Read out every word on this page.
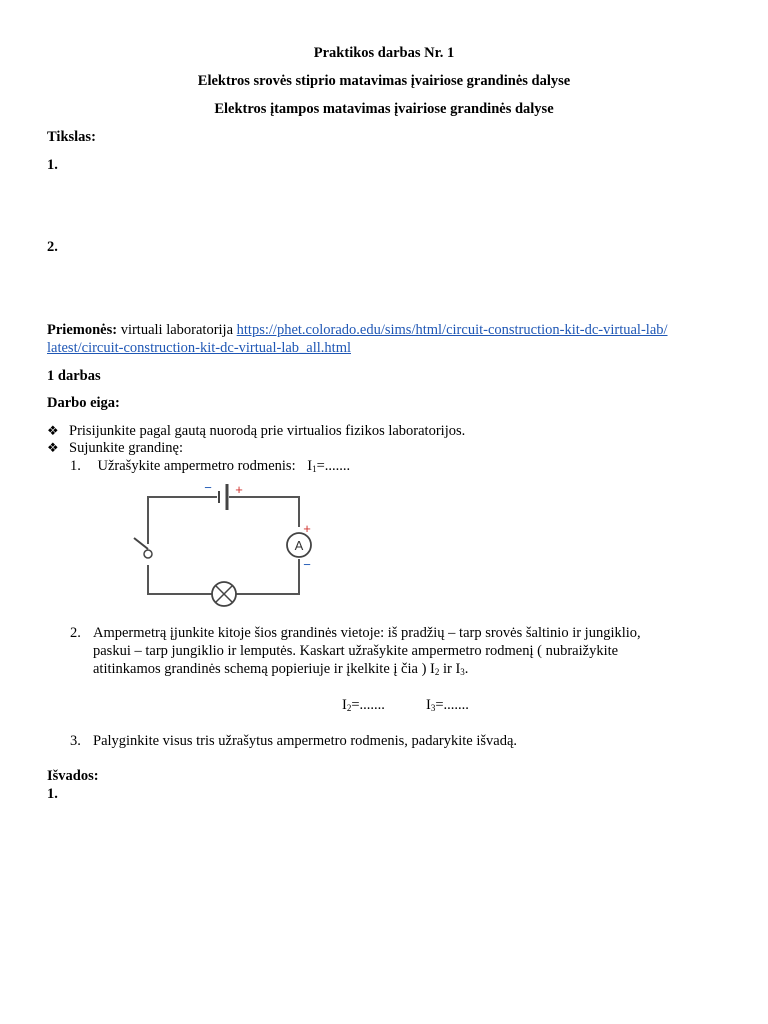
Praktikos darbas Nr. 1
Elektros srovės stiprio matavimas įvairiose grandinės dalyse
Elektros įtampos matavimas įvairiose grandinės dalyse
Tikslas:
1.
2.
Priemonės: virtuali laboratorija https://phet.colorado.edu/sims/html/circuit-construction-kit-dc-virtual-lab/
latest/circuit-construction-kit-dc-virtual-lab_all.html
1 darbas
Darbo eiga:
❖ Prisijunkite pagal gautą nuorodą prie virtualios fizikos laboratorijos.
❖ Sujunkite grandinę:
1. Užrašykite ampermetro rodmenis: $I_1=$.......
− +
A
+
−
2. Ampermetrą įjunkite kitoje šios grandinės vietoje: iš pradžių – tarp srovės šaltinio ir jungiklio,
paskui – tarp jungiklio ir lemputės. Kaskart užrašykite ampermetro rodmenį ( nubraižykite
atitinkamos grandinės schemą popieriuje ir įkelkite į čia ) $I_2$ ir $I_3$.
$I_2=$.......	$I_3=$.......
3. Palyginkite visus tris užrašytus ampermetro rodmenis, padarykite išvadą.
Išvados:
1.
